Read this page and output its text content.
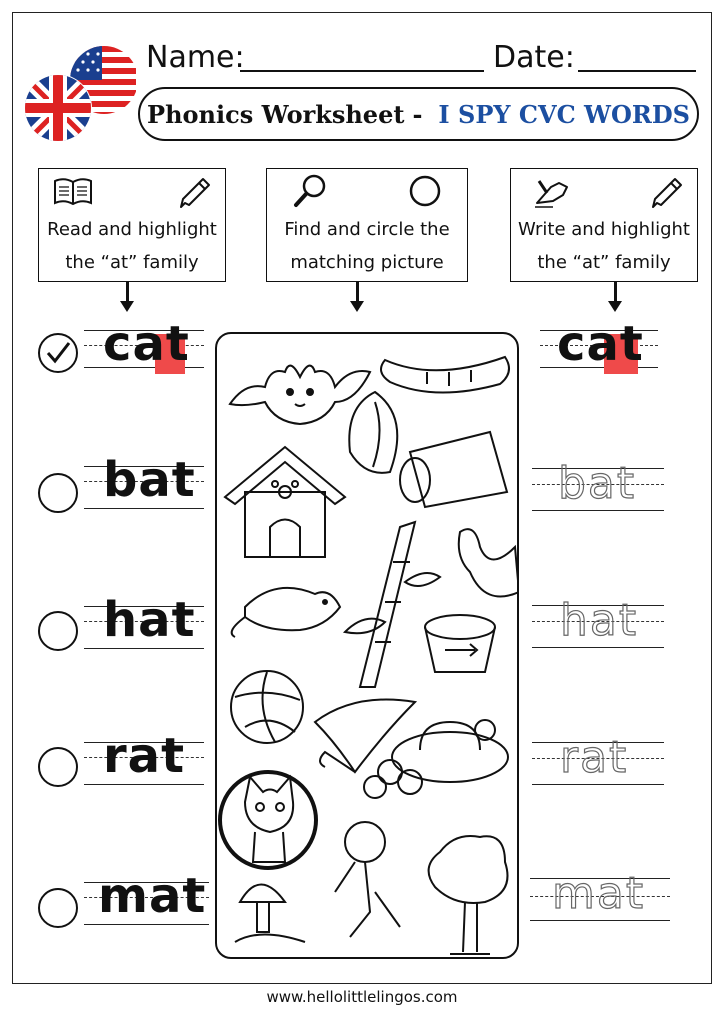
Name:	Date:
Phonics Worksheet - I SPY CVC WORDS
Read and highlight
the “at” family
Find and circle the
matching picture
Write and highlight
the “at” family
cat
bat
hat
rat
mat
cat
bat
hat
rat
mat
www.hellolittlelingos.com
